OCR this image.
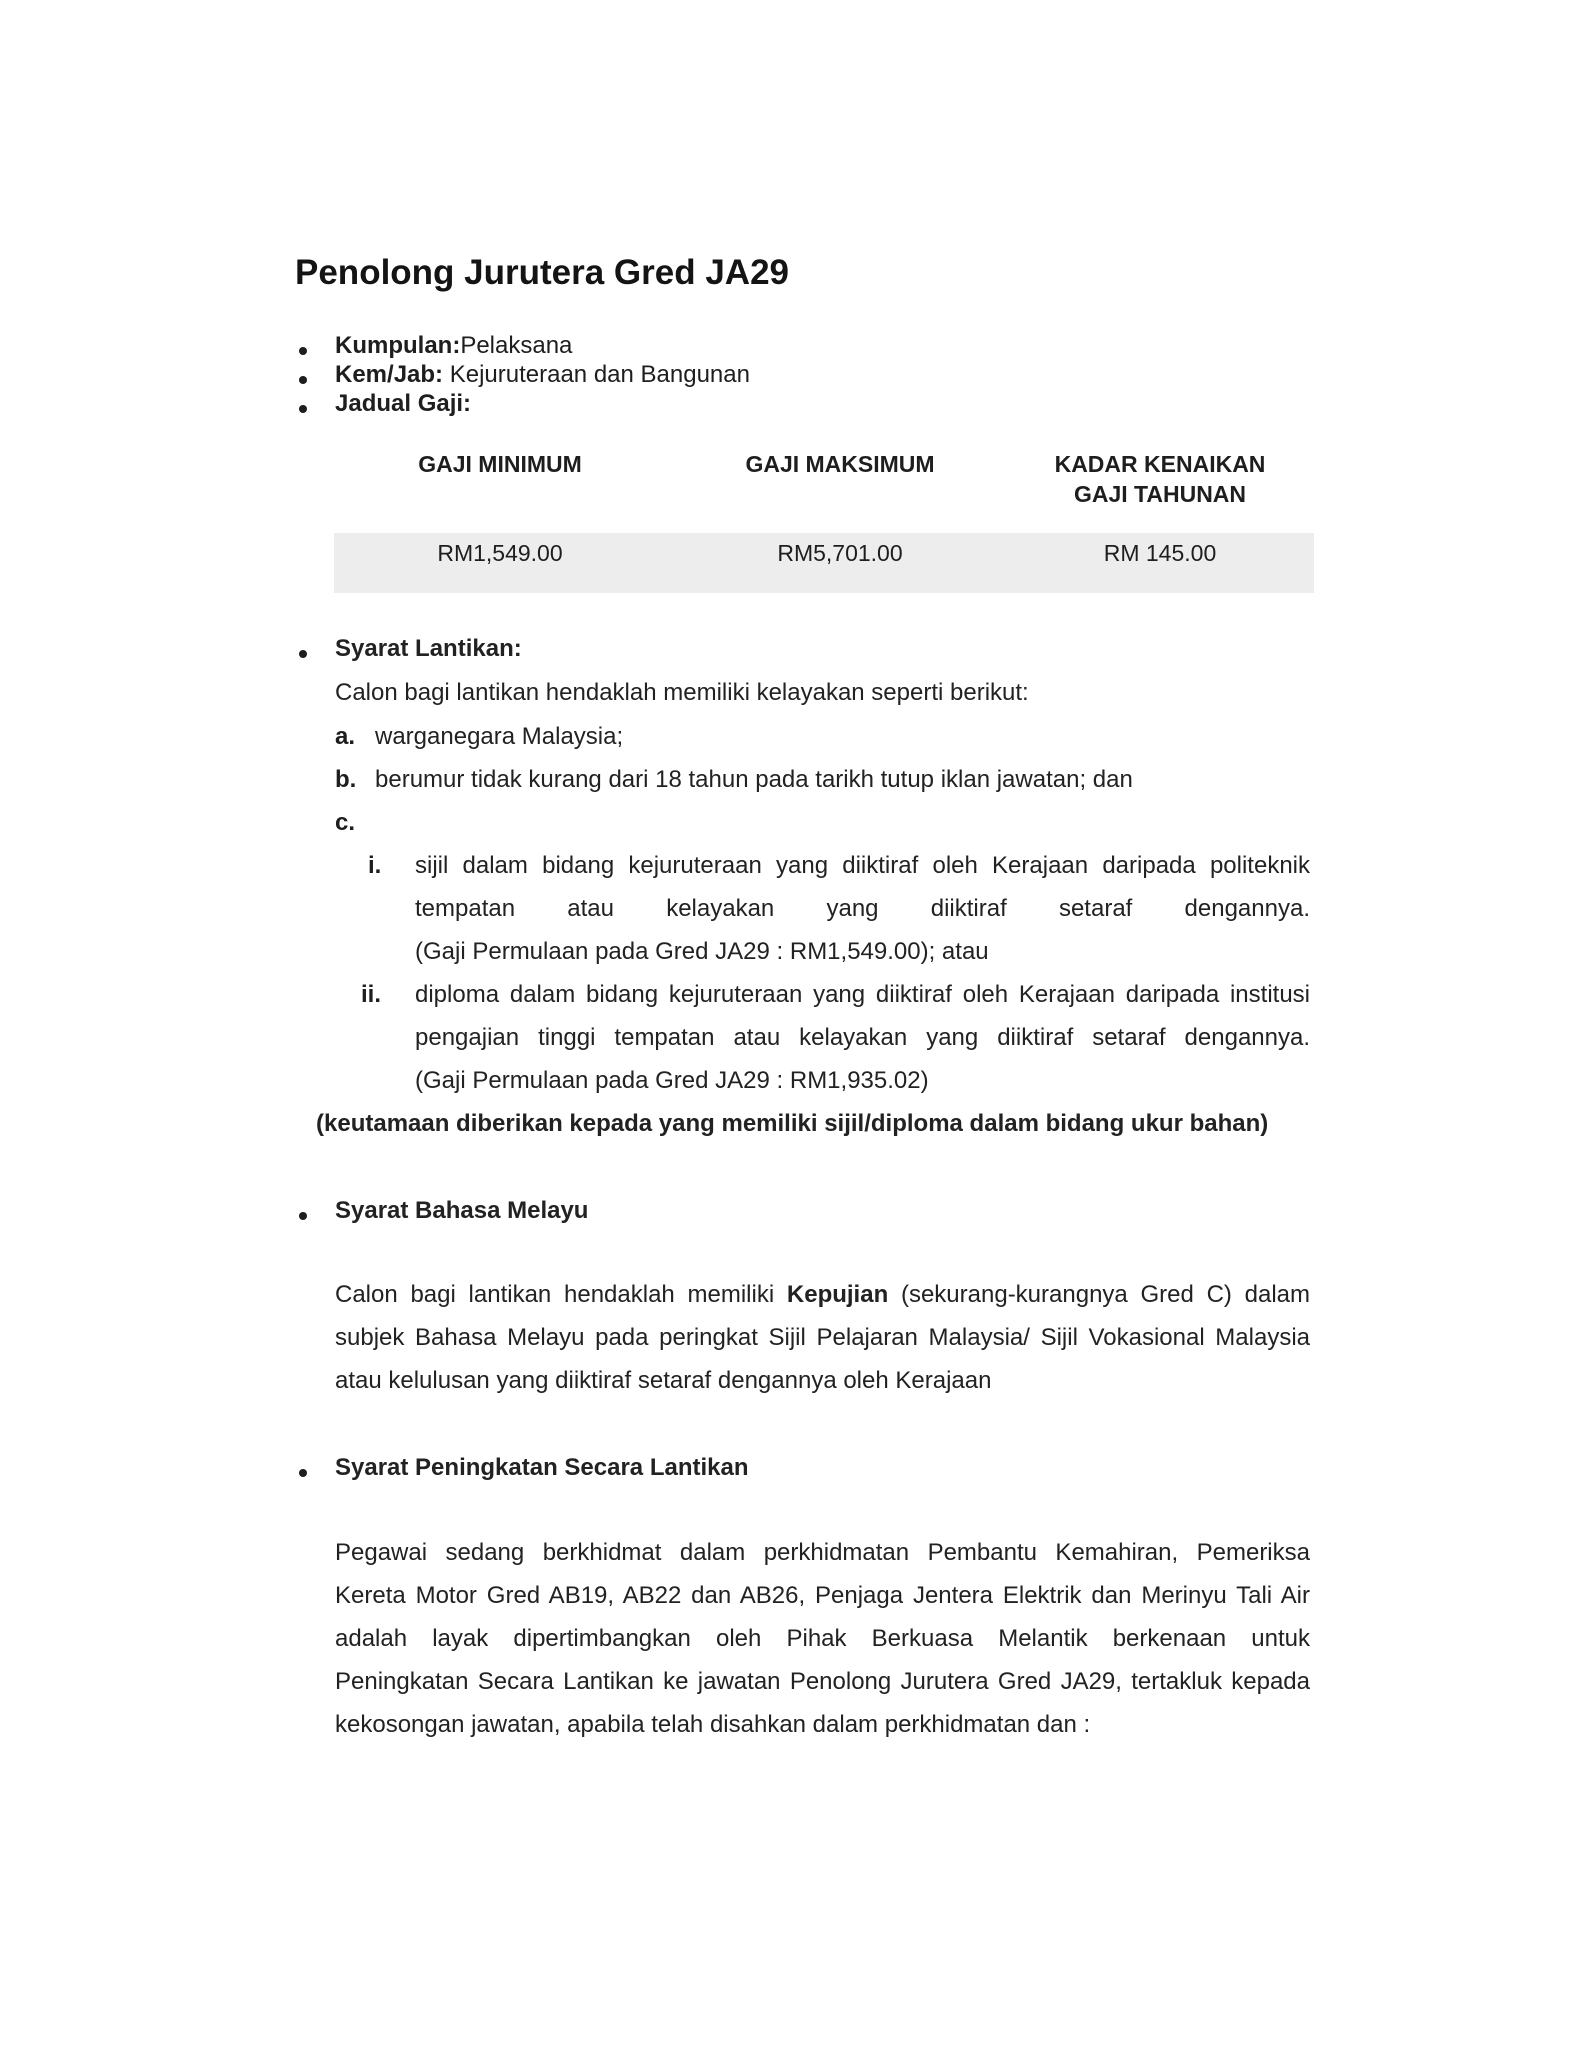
Penolong Jurutera Gred JA29
Kumpulan:Pelaksana
Kem/Jab: Kejuruteraan dan Bangunan
Jadual Gaji:
GAJI MINIMUM	GAJI MAKSIMUM	KADAR KENAIKAN GAJI TAHUNAN
RM1,549.00	RM5,701.00	RM 145.00
Syarat Lantikan:
Calon bagi lantikan hendaklah memiliki kelayakan seperti berikut:
a. warganegara Malaysia;
b. berumur tidak kurang dari 18 tahun pada tarikh tutup iklan jawatan; dan
c.
i. sijil dalam bidang kejuruteraan yang diiktiraf oleh Kerajaan daripada politeknik
tempatan atau kelayakan yang diiktiraf setaraf dengannya.
(Gaji Permulaan pada Gred JA29 : RM1,549.00); atau
ii. diploma dalam bidang kejuruteraan yang diiktiraf oleh Kerajaan daripada institusi
pengajian tinggi tempatan atau kelayakan yang diiktiraf setaraf dengannya.
(Gaji Permulaan pada Gred JA29 : RM1,935.02)
(keutamaan diberikan kepada yang memiliki sijil/diploma dalam bidang ukur bahan)
Syarat Bahasa Melayu
Calon bagi lantikan hendaklah memiliki Kepujian (sekurang-kurangnya Gred C) dalam
subjek Bahasa Melayu pada peringkat Sijil Pelajaran Malaysia/ Sijil Vokasional Malaysia
atau kelulusan yang diiktiraf setaraf dengannya oleh Kerajaan
Syarat Peningkatan Secara Lantikan
Pegawai sedang berkhidmat dalam perkhidmatan Pembantu Kemahiran, Pemeriksa
Kereta Motor Gred AB19, AB22 dan AB26, Penjaga Jentera Elektrik dan Merinyu Tali Air
adalah layak dipertimbangkan oleh Pihak Berkuasa Melantik berkenaan untuk
Peningkatan Secara Lantikan ke jawatan Penolong Jurutera Gred JA29, tertakluk kepada
kekosongan jawatan, apabila telah disahkan dalam perkhidmatan dan :
